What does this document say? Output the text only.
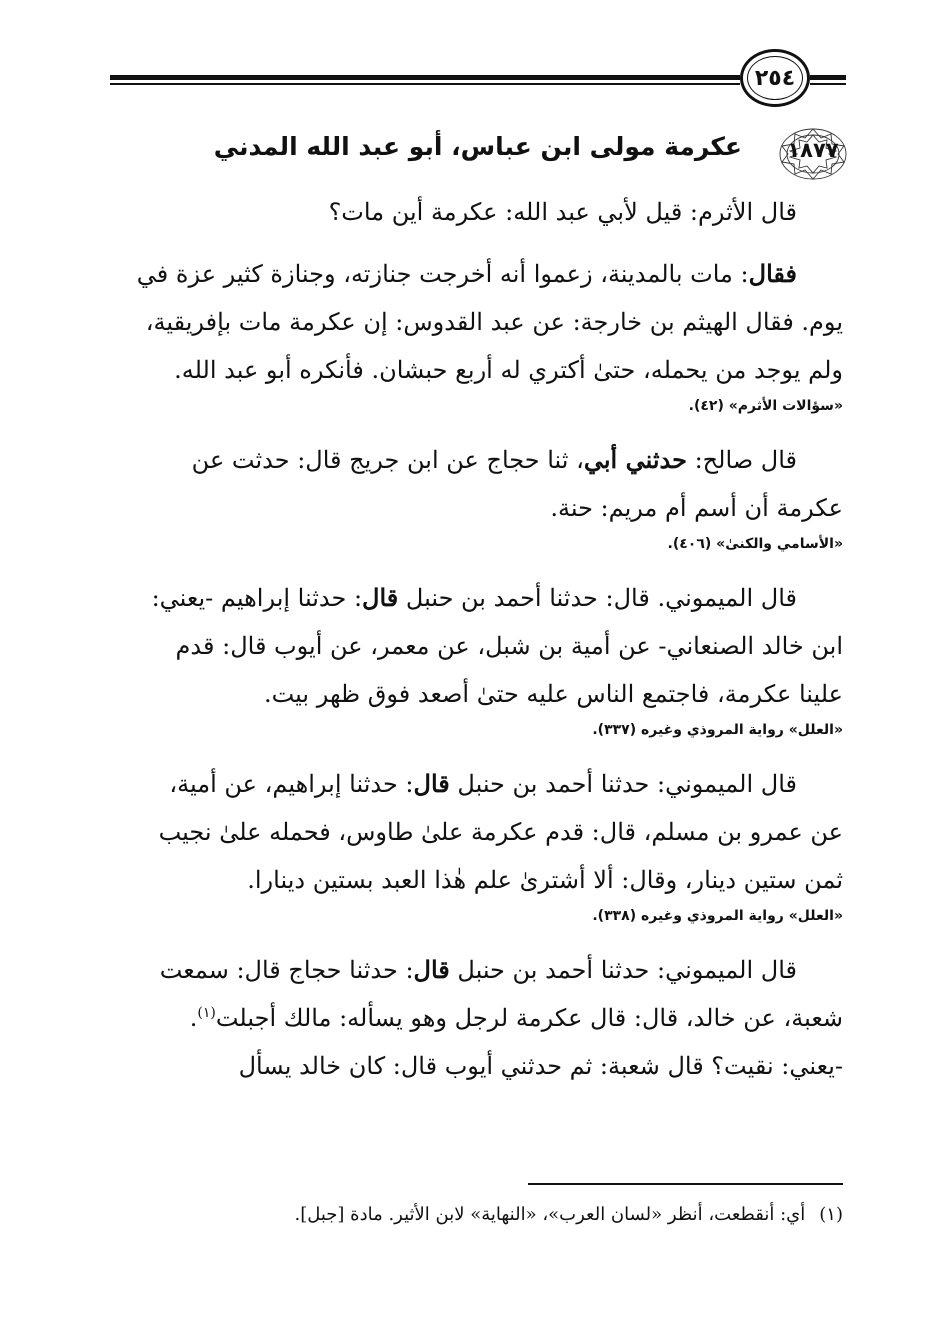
٢٥٤
١٨٧٧
عكرمة مولى ابن عباس، أبو عبد الله المدني

قال الأثرم: قيل لأبي عبد الله: عكرمة أين مات؟

فقال: مات بالمدينة، زعموا أنه أخرجت جنازته، وجنازة كثير عزة في
يوم. فقال الهيثم بن خارجة: عن عبد القدوس: إن عكرمة مات بإفريقية،
ولم يوجد من يحمله، حتىٰ أكتري له أربع حبشان. فأنكره أبو عبد الله.

«سؤالات الأثرم» (٤٢).

قال صالح: حدثني أبي، ثنا حجاج عن ابن جريج قال: حدثت عن
عكرمة أن أسم أم مريم: حنة.

«الأسامي والكنىٰ» (٤٠٦).

قال الميموني. قال: حدثنا أحمد بن حنبل قال: حدثنا إبراهيم -يعني:
ابن خالد الصنعاني- عن أمية بن شبل، عن معمر، عن أيوب قال: قدم
علينا عكرمة، فاجتمع الناس عليه حتىٰ أصعد فوق ظهر بيت.

«العلل» رواية المروذي وغيره (٣٣٧).

قال الميموني: حدثنا أحمد بن حنبل قال: حدثنا إبراهيم، عن أمية،
عن عمرو بن مسلم، قال: قدم عكرمة علىٰ طاوس، فحمله علىٰ نجيب
ثمن ستين دينار، وقال: ألا أشترىٰ علم هٰذا العبد بستين دينارا.

«العلل» رواية المروذي وغيره (٣٣٨).

قال الميموني: حدثنا أحمد بن حنبل قال: حدثنا حجاج قال: سمعت
شعبة، عن خالد، قال: قال عكرمة لرجل وهو يسأله: مالك أجبلت$^{(١)}$.
-يعني: نقيت؟ قال شعبة: ثم حدثني أيوب قال: كان خالد يسأل

(١)أي: أنقطعت، أنظر «لسان العرب»، «النهاية» لابن الأثير. مادة [جبل].
